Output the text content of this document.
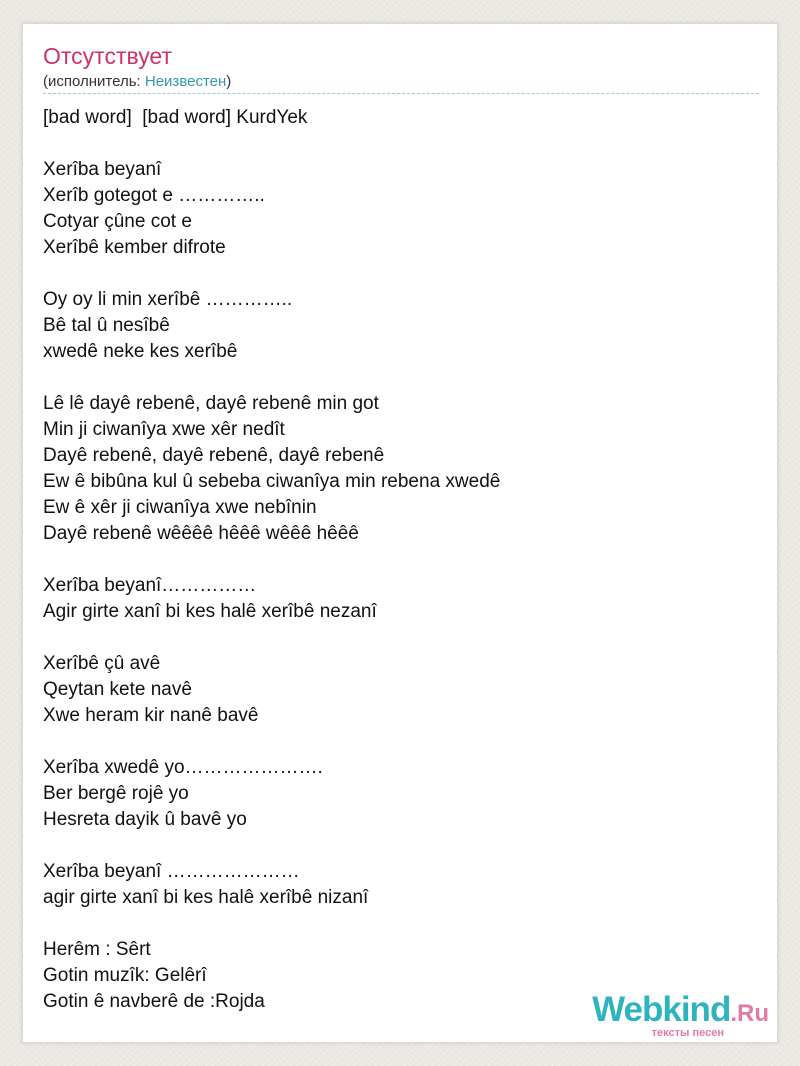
Отсутствует
(исполнитель: Неизвестен)
[bad word]  [bad word] KurdYek
Xerîba beyanî
Xerîb gotegot e …………..
Cotyar çûne cot e
Xerîbê kember difrote
Oy oy li min xerîbê …………..
Bê tal û nesîbê
xwedê neke kes xerîbê
Lê lê dayê rebenê, dayê rebenê min got
Min ji ciwanîya xwe xêr nedît
Dayê rebenê, dayê rebenê, dayê rebenê
Ew ê bibûna kul û sebeba ciwanîya min rebena xwedê
Ew ê xêr ji ciwanîya xwe nebînin
Dayê rebenê wêêêê hêêê wêêê hêêê
Xerîba beyanî……………
Agir girte xanî bi kes halê xerîbê nezanî
Xerîbê çû avê
Qeytan kete navê
Xwe heram kir nanê bavê
Xerîba xwedê yo………………….
Ber bergê rojê yo
Hesreta dayik û bavê yo
Xerîba beyanî …………………
agir girte xanî bi kes halê xerîbê nizanî
Herêm : Sêrt
Gotin muzîk: Gelêrî
Gotin ê navberê de :Rojda	Webkind.Ru
тексты песен
